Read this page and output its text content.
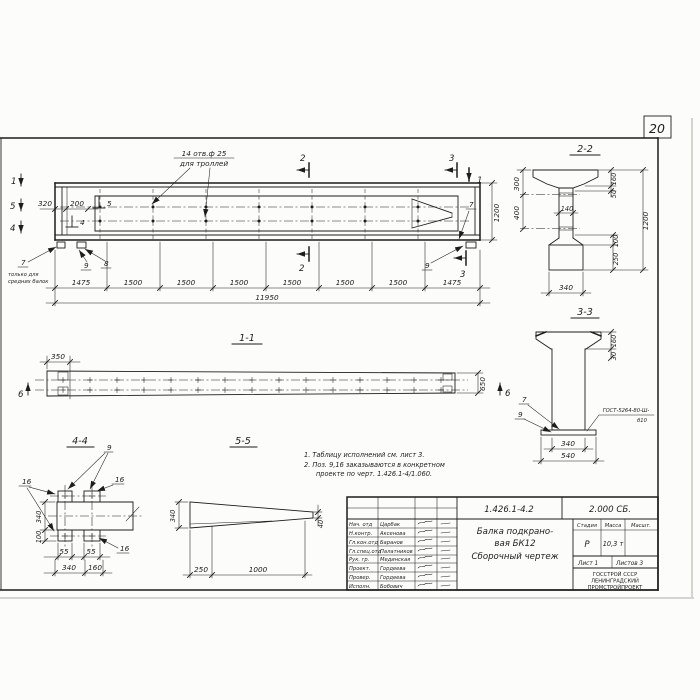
20
14 отв.ф 25
для троллей
1
5
4
5
4
2	3
1
2
3
7
только для
средних балок
9 8
7
9
320 200
1200
1475	1500	1500	1500	1500	1500	1500	1475
11950
2-2
300
400
160
50
1200
100
250
140
340
3-3
160
30
7
9	ГОСТ-5264-80-Ш-
б10
340
540
1-1
350
6	6
650
4-4
9
16	16
16
340
100
55 55
340 160
5-5
340
40
250	1000
1. Таблицу исполнений см. лист 3.
2. Поз. 9,16 заказываются в конкретном
проекте по черт. 1.426.1-4/1.060.
1.426.1-4.2	2.000 СБ.
Балка подкрано-
вая БК12
Сборочный чертеж
Стадия Масса Масшт.
Р 10,3 т
Лист 1	Листов 3
ГОССТРОЙ СССР
ЛЕНИНГРАДСКИЙ
ПРОМСТРОЙПРОЕКТ
Нач. отд Царбак
Н.контр. Аксенова
Гл.кон.отд Баранов
Гл.спец.отд
Палатников
Рук. гр. Мединская
Проект. Гордеева
Провер. Гордеева
Исполн. Бобович
